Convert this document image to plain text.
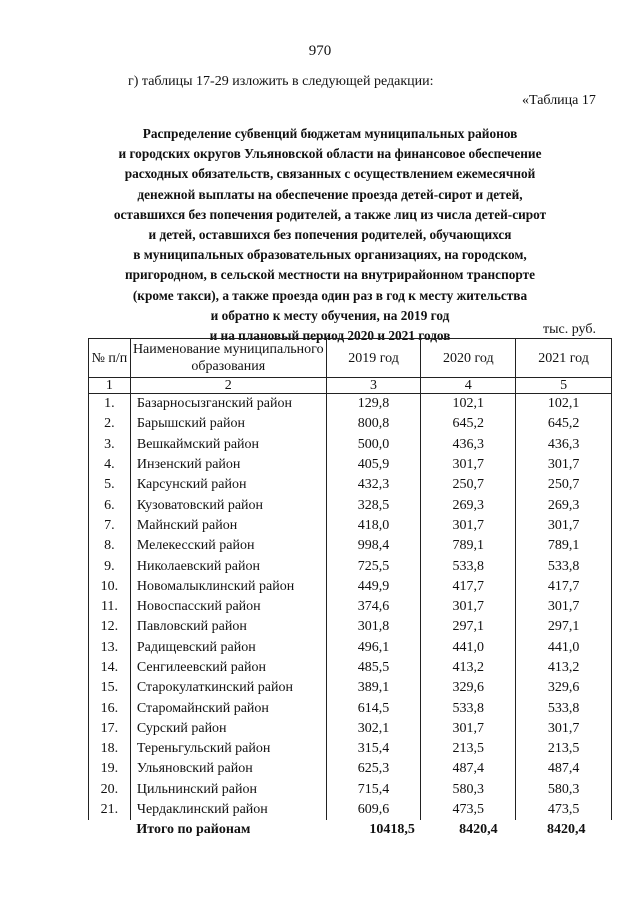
970
г) таблицы 17-29 изложить в следующей редакции:
«Таблица 17
Распределение субвенций бюджетам муниципальных районов
и городских округов Ульяновской области на финансовое обеспечение
расходных обязательств, связанных с осуществлением ежемесячной
денежной выплаты на обеспечение проезда детей-сирот и детей,
оставшихся без попечения родителей, а также лиц из числа детей-сирот
и детей, оставшихся без попечения родителей, обучающихся
в муниципальных образовательных организациях, на городском,
пригородном, в сельской местности на внутрирайонном транспорте
(кроме такси), а также проезда один раз в год к месту жительства
и обратно к месту обучения, на 2019 год
и на плановый период 2020 и 2021 годов	тыс. руб.
№ п/п	Наименование муниципального образования	2019 год	2020 год	2021 год
1	2	3	4	5
1.	Базарносызганский район	129,8	102,1	102,1
2.	Барышский район	800,8	645,2	645,2
3.	Вешкаймский район	500,0	436,3	436,3
4.	Инзенский район	405,9	301,7	301,7
5.	Карсунский район	432,3	250,7	250,7
6.	Кузоватовский район	328,5	269,3	269,3
7.	Майнский район	418,0	301,7	301,7
8.	Мелекесский район	998,4	789,1	789,1
9.	Николаевский район	725,5	533,8	533,8
10.	Новомалыклинский район	449,9	417,7	417,7
11.	Новоспасский район	374,6	301,7	301,7
12.	Павловский район	301,8	297,1	297,1
13.	Радищевский район	496,1	441,0	441,0
14.	Сенгилеевский район	485,5	413,2	413,2
15.	Старокулаткинский район	389,1	329,6	329,6
16.	Старомайнский район	614,5	533,8	533,8
17.	Сурский район	302,1	301,7	301,7
18.	Тереньгульский район	315,4	213,5	213,5
19.	Ульяновский район	625,3	487,4	487,4
20.	Цильнинский район	715,4	580,3	580,3
21.	Чердаклинский район	609,6	473,5	473,5
	Итого по районам	10418,5	8420,4	8420,4
